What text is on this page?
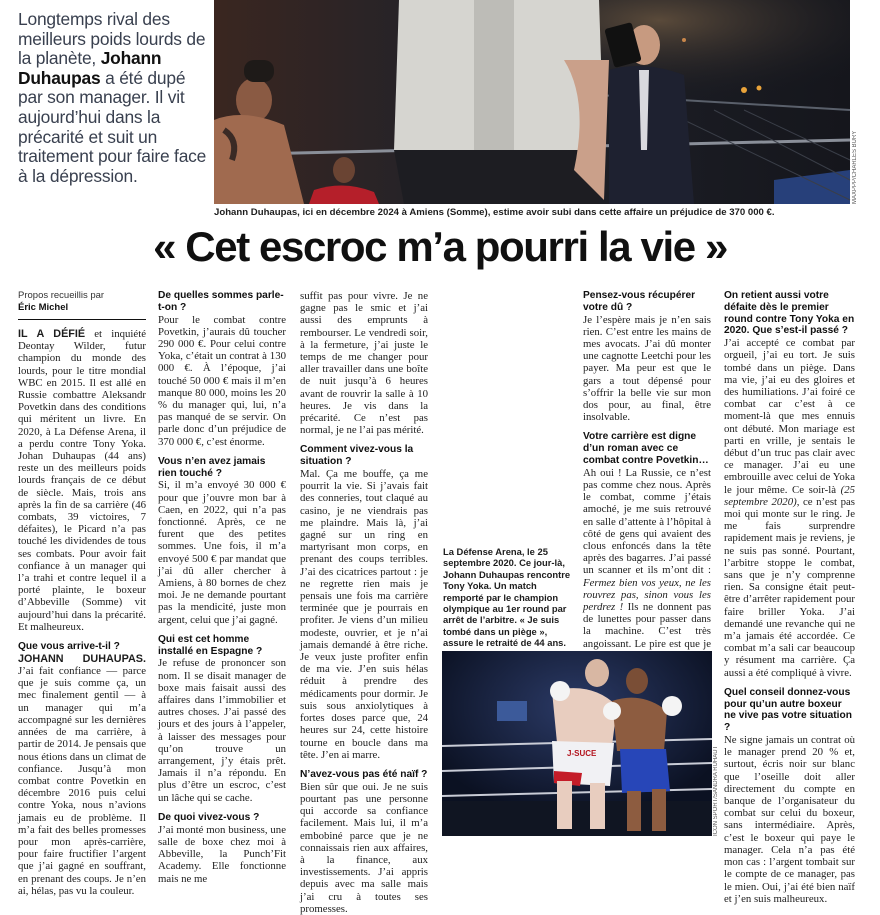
Longtemps rival des meilleurs poids lourds de la planète, Johann Duhaupas a été dupé par son manager. Il vit aujourd’hui dans la précarité et suit un traitement pour faire face à la dépression.	MAXPPP/CHARLES BURY
Johann Duhaupas, ici en décembre 2024 à Amiens (Somme), estime avoir subi dans cette affaire un préjudice de 370 000 €.
« Cet escroc m’a pourri la vie »
Propos recueillis par
Éric Michel

IL A DÉFIÉ et inquiété Deontay Wilder, futur champion du monde des lourds, pour le titre mondial WBC en 2015. Il est allé en Russie combattre Aleksandr Povetkin dans des conditions qui méritent un livre. En 2020, à La Défense Arena, il a perdu contre Tony Yoka. Johan Duhaupas (44 ans) reste un des meilleurs poids lourds français de ce début de siècle. Mais, trois ans après la fin de sa carrière (46 combats, 39 victoires, 7 défaites), le Picard n’a pas touché les dividendes de tous ses combats. Pour avoir fait confiance à un manager qui l’a trahi et contre lequel il a porté plainte, le boxeur d’Abbeville (Somme) vit aujourd’hui dans la précarité. Et malheureux.

Que vous arrive-t-il ?

JOHANN DUHAUPAS. J’ai fait confiance — parce que je suis comme ça, un mec finalement gentil — à un manager qui m’a accompagné sur les dernières années de ma carrière, à partir de 2014. Je pensais que nous étions dans un climat de confiance. Jusqu’à mon combat contre Povetkin en décembre 2016 puis celui contre Yoka, nous n’avions jamais eu de problème. Il m’a fait des belles promesses pour mon après-carrière, pour faire fructifier l’argent que j’ai gagné en souffrant, en prenant des coups. Je n’en ai, hélas, pas vu la couleur.

De quelles sommes parle-t-on ?

Pour le combat contre Povetkin, j’aurais dû toucher 290 000 €. Pour celui contre Yoka, c’était un contrat à 130 000 €. À l’époque, j’ai touché 50 000 € mais il m’en manque 80 000, moins les 20 % du manager qui, lui, n’a pas manqué de se servir. On parle donc d’un préjudice de 370 000 €, c’est énorme.

Vous n’en avez jamais rien touché ?

Si, il m’a envoyé 30 000 € pour que j’ouvre mon bar à Caen, en 2022, qui n’a pas fonctionné. Après, ce ne furent que des petites sommes. Une fois, il m’a envoyé 500 € par mandat que j’ai dû aller chercher à Amiens, à 80 bornes de chez moi. Je ne demande pourtant pas la mendicité, juste mon argent, celui que j’ai gagné.

Qui est cet homme installé en Espagne ?

Je refuse de prononcer son nom. Il se disait manager de boxe mais faisait aussi des affaires dans l’immobilier et autres choses. J’ai passé des jours et des jours à l’appeler, à laisser des messages pour qu’on trouve un arrangement, j’y étais prêt. Jamais il n’a répondu. En plus d’être un escroc, c’est un lâche qui se cache.

De quoi vivez-vous ?

J’ai monté mon business, une salle de boxe chez moi à Abbeville, la Punch’Fit Academy. Elle fonctionne mais ne me

suffit pas pour vivre. Je ne gagne pas le smic et j’ai aussi des emprunts à rembourser. Le vendredi soir, à la fermeture, j’ai juste le temps de me changer pour aller travailler dans une boîte de nuit jusqu’à 6 heures avant de rouvrir la salle à 10 heures. Je vis dans la précarité. Ce n’est pas normal, je ne l’ai pas mérité.

Comment vivez-vous la situation ?

Mal. Ça me bouffe, ça me pourrit la vie. Si j’avais fait des conneries, tout claqué au casino, je ne viendrais pas me plaindre. Mais là, j’ai gagné sur un ring en martyrisant mon corps, en prenant des coups terribles. J’ai des cicatrices partout : je ne regrette rien mais je pensais une fois ma carrière terminée que je pourrais en profiter. Je viens d’un milieu modeste, ouvrier, et je n’ai jamais demandé à être riche. Je veux juste profiter enfin de ma vie. J’en suis hélas réduit à prendre des médicaments pour dormir. Je suis sous anxiolytiques à fortes doses parce que, 24 heures sur 24, cette histoire tourne en boucle dans ma tête. J’en ai marre.

N’avez-vous pas été naïf ?

Bien sûr que oui. Je ne suis pourtant pas une personne qui accorde sa confiance facilement. Mais lui, il m’a embobiné parce que je ne connaissais rien aux affaires, à la finance, aux investissements. J’ai appris depuis avec ma salle mais j’ai cru à toutes ses promesses.

La Défense Arena, le 25 septembre 2020. Ce jour-là, Johann Duhaupas rencontre Tony Yoka. Un match remporté par le champion olympique au 1er round par arrêt de l’arbitre. « Je suis tombé dans un piège », assure le retraité de 44 ans.
Pensez-vous récupérer votre dû ?

Je l’espère mais je n’en sais rien. C’est entre les mains de mes avocats. J’ai dû monter une cagnotte Leetchi pour les payer. Ma peur est que le gars a tout dépensé pour s’offrir la belle vie sur mon dos pour, au final, être insolvable.

Votre carrière est digne d’un roman avec ce combat contre Povetkin…

Ah oui ! La Russie, ce n’est pas comme chez nous. Après le combat, comme j’étais amoché, je me suis retrouvé en salle d’attente à l’hôpital à côté de gens qui avaient des clous enfoncés dans la tête après des bagarres. J’ai passé un scanner et ils m’ont dit : Fermez bien vos yeux, ne les rouvrez pas, sinon vous les perdrez ! Ils ne donnent pas de lunettes pour passer dans la machine. C’est très angoissant. Le pire est que je

On retient aussi votre défaite dès le premier round contre Tony Yoka en 2020. Que s’est-il passé ?

J’ai accepté ce combat par orgueil, j’ai eu tort. Je suis tombé dans un piège. Dans ma vie, j’ai eu des gloires et des humiliations. J’ai foiré ce combat car c’est à ce moment-là que mes ennuis ont débuté. Mon mariage est parti en vrille, je sentais le début d’un truc pas clair avec ce manager. J’ai eu une embrouille avec celui de Yoka le jour même. Ce soir-là (25 septembre 2020), ce n’est pas moi qui monte sur le ring. Je me fais surprendre rapidement mais je reviens, je ne suis pas sonné. Pourtant, l’arbitre stoppe le combat, sans que je n’y comprenne rien. Sa consigne était peut-être d’arrêter rapidement pour faire briller Yoka. J’ai demandé une revanche qui ne m’a jamais été accordée. Ce combat m’a sali car beaucoup y résument ma carrière. Ça aussi a été compliqué à vivre.

Quel conseil donnez-vous pour qu’un autre boxeur ne vive pas votre situation ?

Ne signe jamais un contrat où le manager prend 20 % et, surtout, écris noir sur blanc que l’oseille doit aller directement du compte en banque de l’organisateur du combat sur celui du boxeur, sans intermédiaire. Après, c’est le boxeur qui paye le manager. Cela n’a pas été mon cas : l’argent tombait sur le compte de ce manager, pas le mien. Oui, j’ai été bien naïf et j’en suis malheureux.

J-SUCE	ICON SPORT/SANDRA RUHAUT
